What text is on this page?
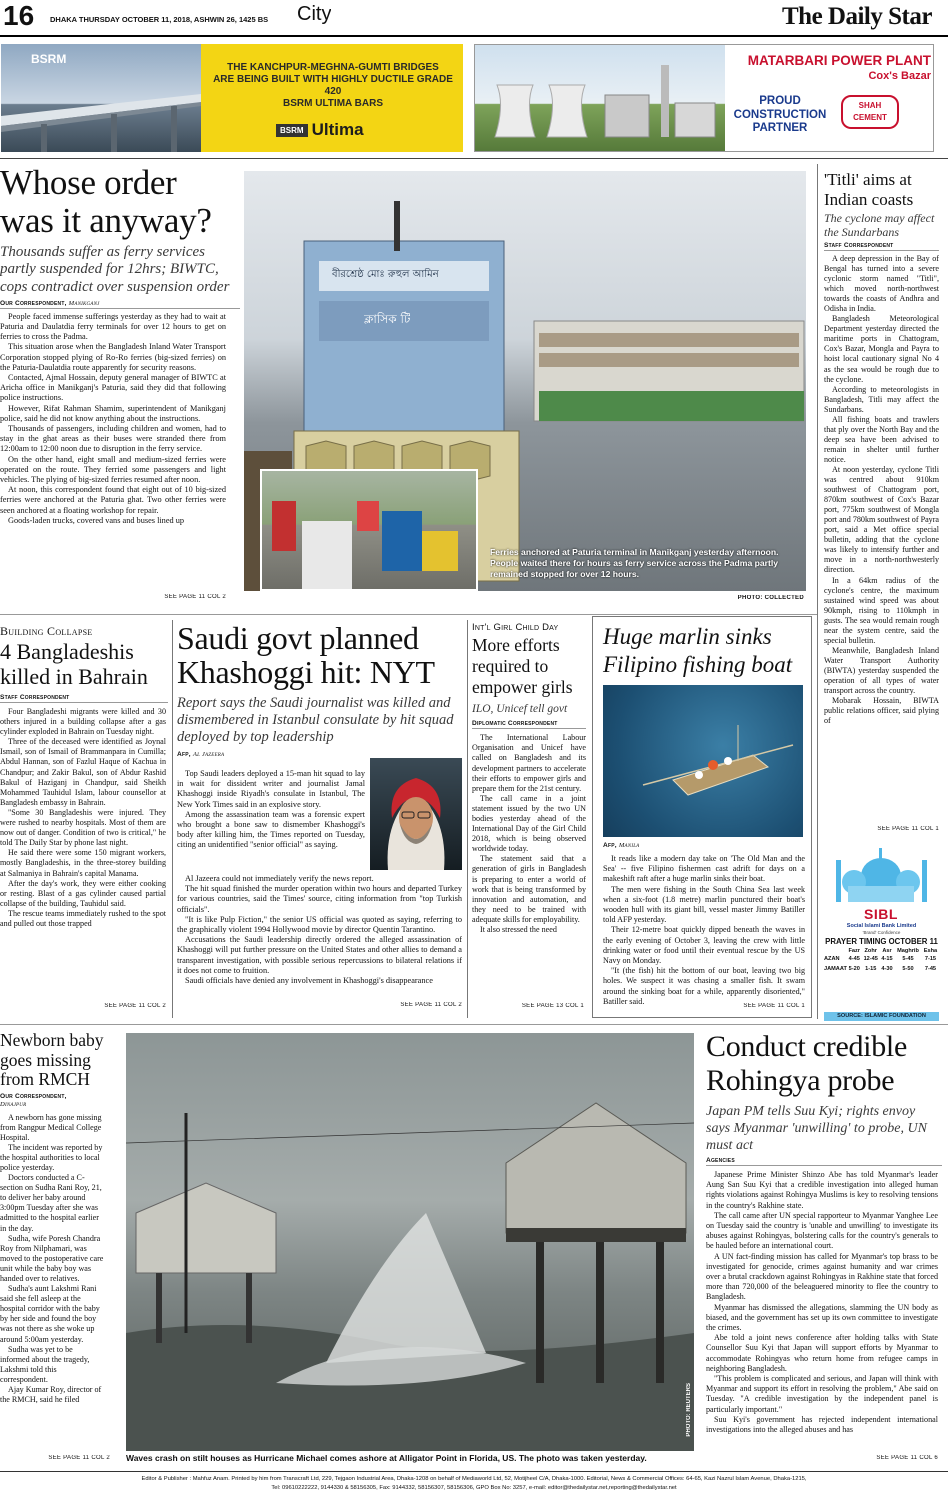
16 DHAKA THURSDAY OCTOBER 11, 2018, ASHWIN 26, 1425 BS City	The Daily Star
BSRM
THE KANCHPUR-MEGHNA-GUMTI BRIDGES
ARE BEING BUILT WITH HIGHLY DUCTILE GRADE 420
BSRM ULTIMA BARS
BSRM Ultima
MATARBARI POWER PLANT
Cox's Bazar
PROUD
CONSTRUCTION
PARTNER
SHAH
CEMENT
Whose order
was it anyway?
Thousands suffer as ferry services partly suspended for 12hrs; BIWTC, cops contradict over suspension order
Our Correspondent, Manikganj

People faced immense sufferings yesterday as they had to wait at Paturia and Daulatdia ferry terminals for over 12 hours to get on ferries to cross the Padma.

This situation arose when the Bangladesh Inland Water Transport Corporation stopped plying of Ro-Ro ferries (big-sized ferries) on the Paturia-Daulatdia route apparently for security reasons.

Contacted, Ajmal Hossain, deputy general manager of BIWTC at Aricha office in Manikganj's Paturia, said they did that following police instructions.

However, Rifat Rahman Shamim, superintendent of Manikganj police, said he did not know anything about the instructions.

Thousands of passengers, including children and women, had to stay in the ghat areas as their buses were stranded there from 12:00am to 12:00 noon due to disruption in the ferry service.

On the other hand, eight small and medium-sized ferries were operated on the route. They ferried some passengers and light vehicles. The plying of big-sized ferries resumed after noon.

At noon, this correspondent found that eight out of 10 big-sized ferries were anchored at the Paturia ghat. Two other ferries were seen anchored at a floating workshop for repair.

Goods-laden trucks, covered vans and buses lined up

SEE PAGE 11 COL 2
বীরশ্রেষ্ঠ মোঃ রুহুল আমিন
ক্লাসিক টি
Ferries anchored at Paturia terminal in Manikganj yesterday afternoon. People waited there for hours as ferry service across the Padma partly remained stopped for over 12 hours.
PHOTO: COLLECTED
'Titli' aims at
Indian coasts
The cyclone may affect the Sundarbans
Staff Correspondent

A deep depression in the Bay of Bengal has turned into a severe cyclonic storm named "Titli", which moved north-northwest towards the coasts of Andhra and Odisha in India.

Bangladesh Meteorological Department yesterday directed the maritime ports in Chattogram, Cox's Bazar, Mongla and Payra to hoist local cautionary signal No 4 as the sea would be rough due to the cyclone.

According to meteorologists in Bangladesh, Titli may affect the Sundarbans.

All fishing boats and trawlers that ply over the North Bay and the deep sea have been advised to remain in shelter until further notice.

At noon yesterday, cyclone Titli was centred about 910km southwest of Chattogram port, 870km southwest of Cox's Bazar port, 775km southwest of Mongla port and 780km southwest of Payra port, said a Met office special bulletin, adding that the cyclone was likely to intensify further and move in a north-northwesterly direction.

In a 64km radius of the cyclone's centre, the maximum sustained wind speed was about 90kmph, rising to 110kmph in gusts. The sea would remain rough near the system centre, said the special bulletin.

Meanwhile, Bangladesh Inland Water Transport Authority (BIWTA) yesterday suspended the operation of all types of water transport across the country.

Mobarak Hossain, BIWTA public relations officer, said plying of

SEE PAGE 11 COL 1
SIBL
Social Islami Bank Limited
'Brand' Confidence
PRAYER TIMING OCTOBER 11
	Fazr	Zohr	Asr	Maghrib	Esha
AZAN	4-45	12-45	4-15	5-45	7-15
JAMAAT	5-20	1-15	4-30	5-50	7-45
SOURCE: ISLAMIC FOUNDATION
Building Collapse
4 Bangladeshis
killed in Bahrain
Staff Correspondent

Four Bangladeshi migrants were killed and 30 others injured in a building collapse after a gas cylinder exploded in Bahrain on Tuesday night.

Three of the deceased were identified as Joynal Ismail, son of Ismail of Brammanpara in Cumilla; Abdul Hannan, son of Fazlul Haque of Kachua in Chandpur; and Zakir Bakul, son of Abdur Rashid Bakul of Haziganj in Chandpur, said Sheikh Mohammed Tauhidul Islam, labour counsellor at Bangladesh embassy in Bahrain.

"Some 30 Bangladeshis were injured. They were rushed to nearby hospitals. Most of them are now out of danger. Condition of two is critical," he told The Daily Star by phone last night.

He said there were some 150 migrant workers, mostly Bangladeshis, in the three-storey building at Salmaniya in Bahrain's capital Manama.

After the day's work, they were either cooking or resting. Blast of a gas cylinder caused partial collapse of the building, Tauhidul said.

The rescue teams immediately rushed to the spot and pulled out those trapped

SEE PAGE 11 COL 2
Saudi govt planned
Khashoggi hit: NYT
Report says the Saudi journalist was killed and dismembered in Istanbul consulate by hit squad deployed by top leadership
Afp, Al Jazeera

Top Saudi leaders deployed a 15-man hit squad to lay in wait for dissident writer and journalist Jamal Khashoggi inside Riyadh's consulate in Istanbul, The New York Times said in an explosive story.

Among the assassination team was a forensic expert who brought a bone saw to dismember Khashoggi's body after killing him, the Times reported on Tuesday, citing an unidentified "senior official" as saying.

Al Jazeera could not immediately verify the news report.

The hit squad finished the murder operation within two hours and departed Turkey for various countries, said the Times' source, citing information from "top Turkish officials".

"It is like Pulp Fiction," the senior US official was quoted as saying, referring to the graphically violent 1994 Hollywood movie by director Quentin Tarantino.

Accusations the Saudi leadership directly ordered the alleged assassination of Khashoggi will put further pressure on the United States and other allies to demand a transparent investigation, with possible serious repercussions to bilateral relations if it does not come to fruition.

Saudi officials have denied any involvement in Khashoggi's disappearance

SEE PAGE 11 COL 2
Int'l Girl Child Day
More efforts
required to
empower girls
ILO, Unicef tell govt
Diplomatic Correspondent

The International Labour Organisation and Unicef have called on Bangladesh and its development partners to accelerate their efforts to empower girls and prepare them for the 21st century.

The call came in a joint statement issued by the two UN bodies yesterday ahead of the International Day of the Girl Child 2018, which is being observed worldwide today.

The statement said that a generation of girls in Bangladesh is preparing to enter a world of work that is being transformed by innovation and automation, and they need to be trained with adequate skills for employability.

It also stressed the need

SEE PAGE 13 COL 1
Huge marlin sinks
Filipino fishing boat
Afp, Manila

It reads like a modern day take on 'The Old Man and the Sea' -- five Filipino fishermen cast adrift for days on a makeshift raft after a huge marlin sinks their boat.

The men were fishing in the South China Sea last week when a six-foot (1.8 metre) marlin punctured their boat's wooden hull with its giant bill, vessel master Jimmy Batiller told AFP yesterday.

Their 12-metre boat quickly dipped beneath the waves in the early evening of October 3, leaving the crew with little drinking water or food until their eventual rescue by the US Navy on Monday.

"It (the fish) hit the bottom of our boat, leaving two big holes. We suspect it was chasing a smaller fish. It swam around the sinking boat for a while, apparently disoriented," Batiller said.

SEE PAGE 11 COL 1
Newborn baby
goes missing
from RMCH
Our Correspondent,
Dinajpur

A newborn has gone missing from Rangpur Medical College Hospital.

The incident was reported by the hospital authorities to local police yesterday.

Doctors conducted a C-section on Sudha Rani Roy, 21, to deliver her baby around 3:00pm Tuesday after she was admitted to the hospital earlier in the day.

Sudha, wife Poresh Chandra Roy from Nilphamari, was moved to the postoperative care unit while the baby boy was handed over to relatives.

Sudha's aunt Lakshmi Rani said she fell asleep at the hospital corridor with the baby by her side and found the boy was not there as she woke up around 5:00am yesterday.

Sudha was yet to be informed about the tragedy, Lakshmi told this correspondent.

Ajay Kumar Roy, director of the RMCH, said he filed

SEE PAGE 11 COL 2
PHOTO: REUTERS
Waves crash on stilt houses as Hurricane Michael comes ashore at Alligator Point in Florida, US. The photo was taken yesterday.
Conduct credible
Rohingya probe
Japan PM tells Suu Kyi; rights envoy says Myanmar 'unwilling' to probe, UN must act
Agencies

Japanese Prime Minister Shinzo Abe has told Myanmar's leader Aung San Suu Kyi that a credible investigation into alleged human rights violations against Rohingya Muslims is key to resolving tensions in the country's Rakhine state.

The call came after UN special rapporteur to Myanmar Yanghee Lee on Tuesday said the country is 'unable and unwilling' to investigate its abuses against Rohingyas, bolstering calls for the country's generals to be hauled before an international court.

A UN fact-finding mission has called for Myanmar's top brass to be investigated for genocide, crimes against humanity and war crimes over a brutal crackdown against Rohingyas in Rakhine state that forced more than 720,000 of the beleaguered minority to flee the country to Bangladesh.

Myanmar has dismissed the allegations, slamming the UN body as biased, and the government has set up its own committee to investigate the crimes.

Abe told a joint news conference after holding talks with State Counsellor Suu Kyi that Japan will support efforts by Myanmar to accommodate Rohingyas who return home from refugee camps in neighboring Bangladesh.

"This problem is complicated and serious, and Japan will think with Myanmar and support its effort in resolving the problem," Abe said on Tuesday. "A credible investigation by the independent panel is particularly important."

Suu Kyi's government has rejected independent international investigations into the alleged abuses and has

SEE PAGE 11 COL 6
Editor & Publisher : Mahfuz Anam. Printed by him from Transcraft Ltd, 229, Tejgaon Industrial Area, Dhaka-1208 on behalf of Mediaworld Ltd, 52, Motijheel C/A, Dhaka-1000. Editorial, News & Commercial Offices: 64-65, Kazi Nazrul Islam Avenue, Dhaka-1215,
Tel: 09610222222, 9144330 & 58156305, Fax: 9144332, 58156307, 58156306, GPO Box No: 3257, e-mail: editor@thedailystar.net,reporting@thedailystar.net
